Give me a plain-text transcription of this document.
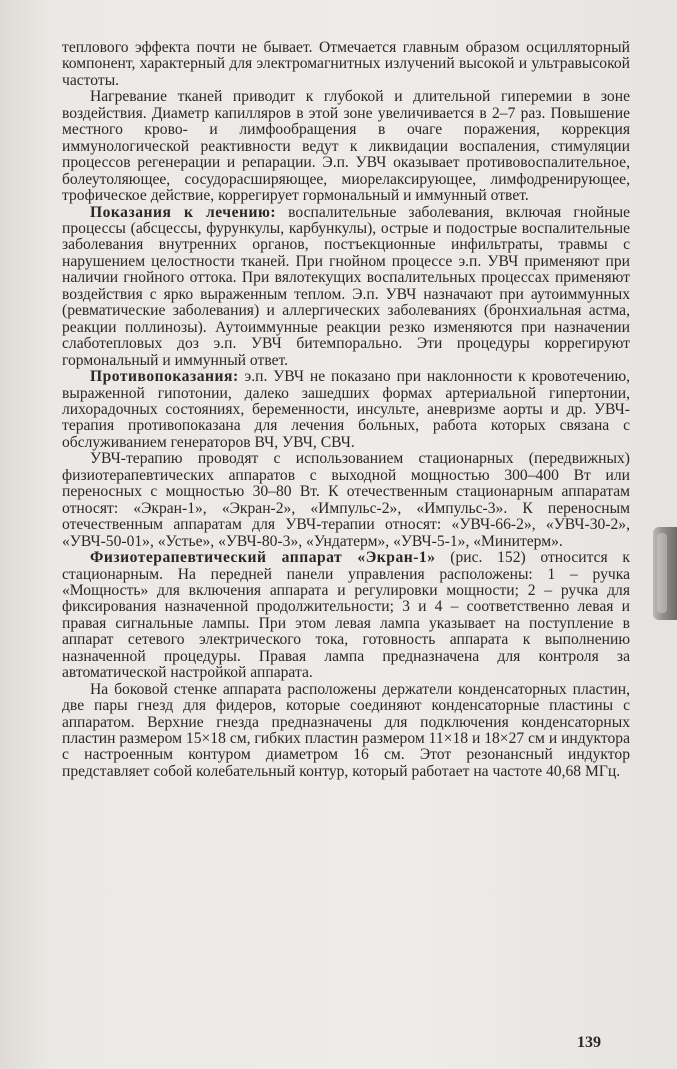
теплового эффекта почти не бывает. Отмечается главным образом осцилляторный компонент, характерный для электромагнитных излучений высокой и ультравысокой частоты.

Нагревание тканей приводит к глубокой и длительной гиперемии в зоне воздействия. Диаметр капилляров в этой зоне увеличивается в 2–7 раз. Повышение местного крово- и лимфообращения в очаге поражения, коррекция иммунологической реактивности ведут к ликвидации воспаления, стимуляции процессов регенерации и репарации. Э.п. УВЧ оказывает противовоспалительное, болеутоляющее, сосудорасширяющее, миорелаксирующее, лимфодренирующее, трофическое действие, коррегирует гормональный и иммунный ответ.

Показания к лечению: воспалительные заболевания, включая гнойные процессы (абсцессы, фурункулы, карбункулы), острые и подострые воспалительные заболевания внутренних органов, постъекционные инфильтраты, травмы с нарушением целостности тканей. При гнойном процессе э.п. УВЧ применяют при наличии гнойного оттока. При вялотекущих воспалительных процессах применяют воздействия с ярко выраженным теплом. Э.п. УВЧ назначают при аутоиммунных (ревматические заболевания) и аллергических заболеваниях (бронхиальная астма, реакции поллинозы). Аутоиммунные реакции резко изменяются при назначении слаботепловых доз э.п. УВЧ битемпорально. Эти процедуры коррегируют гормональный и иммунный ответ.

Противопоказания: э.п. УВЧ не показано при наклонности к кровотечению, выраженной гипотонии, далеко зашедших формах артериальной гипертонии, лихорадочных состояниях, беременности, инсульте, аневризме аорты и др. УВЧ-терапия противопоказана для лечения больных, работа которых связана с обслуживанием генераторов ВЧ, УВЧ, СВЧ.

УВЧ-терапию проводят с использованием стационарных (передвижных) физиотерапевтических аппаратов с выходной мощностью 300–400 Вт или переносных с мощностью 30–80 Вт. К отечественным стационарным аппаратам относят: «Экран-1», «Экран-2», «Импульс-2», «Импульс-3». К переносным отечественным аппаратам для УВЧ-терапии относят: «УВЧ-66-2», «УВЧ-30-2», «УВЧ-50-01», «Устье», «УВЧ-80-3», «Ундатерм», «УВЧ-5-1», «Минитерм».

Физиотерапевтический аппарат «Экран-1» (рис. 152) относится к стационарным. На передней панели управления расположены: 1 – ручка «Мощность» для включения аппарата и регулировки мощности; 2 – ручка для фиксирования назначенной продолжительности; 3 и 4 – соответственно левая и правая сигнальные лампы. При этом левая лампа указывает на поступление в аппарат сетевого электрического тока, готовность аппарата к выполнению назначенной процедуры. Правая лампа предназначена для контроля за автоматической настройкой аппарата.

На боковой стенке аппарата расположены держатели конденсаторных пластин, две пары гнезд для фидеров, которые соединяют конденсаторные пластины с аппаратом. Верхние гнезда предназначены для подключения конденсаторных пластин размером 15×18 см, гибких пластин размером 11×18 и 18×27 см и индуктора с настроенным контуром диаметром 16 см. Этот резонансный индуктор представляет собой колебательный контур, который работает на частоте 40,68 МГц.

139
